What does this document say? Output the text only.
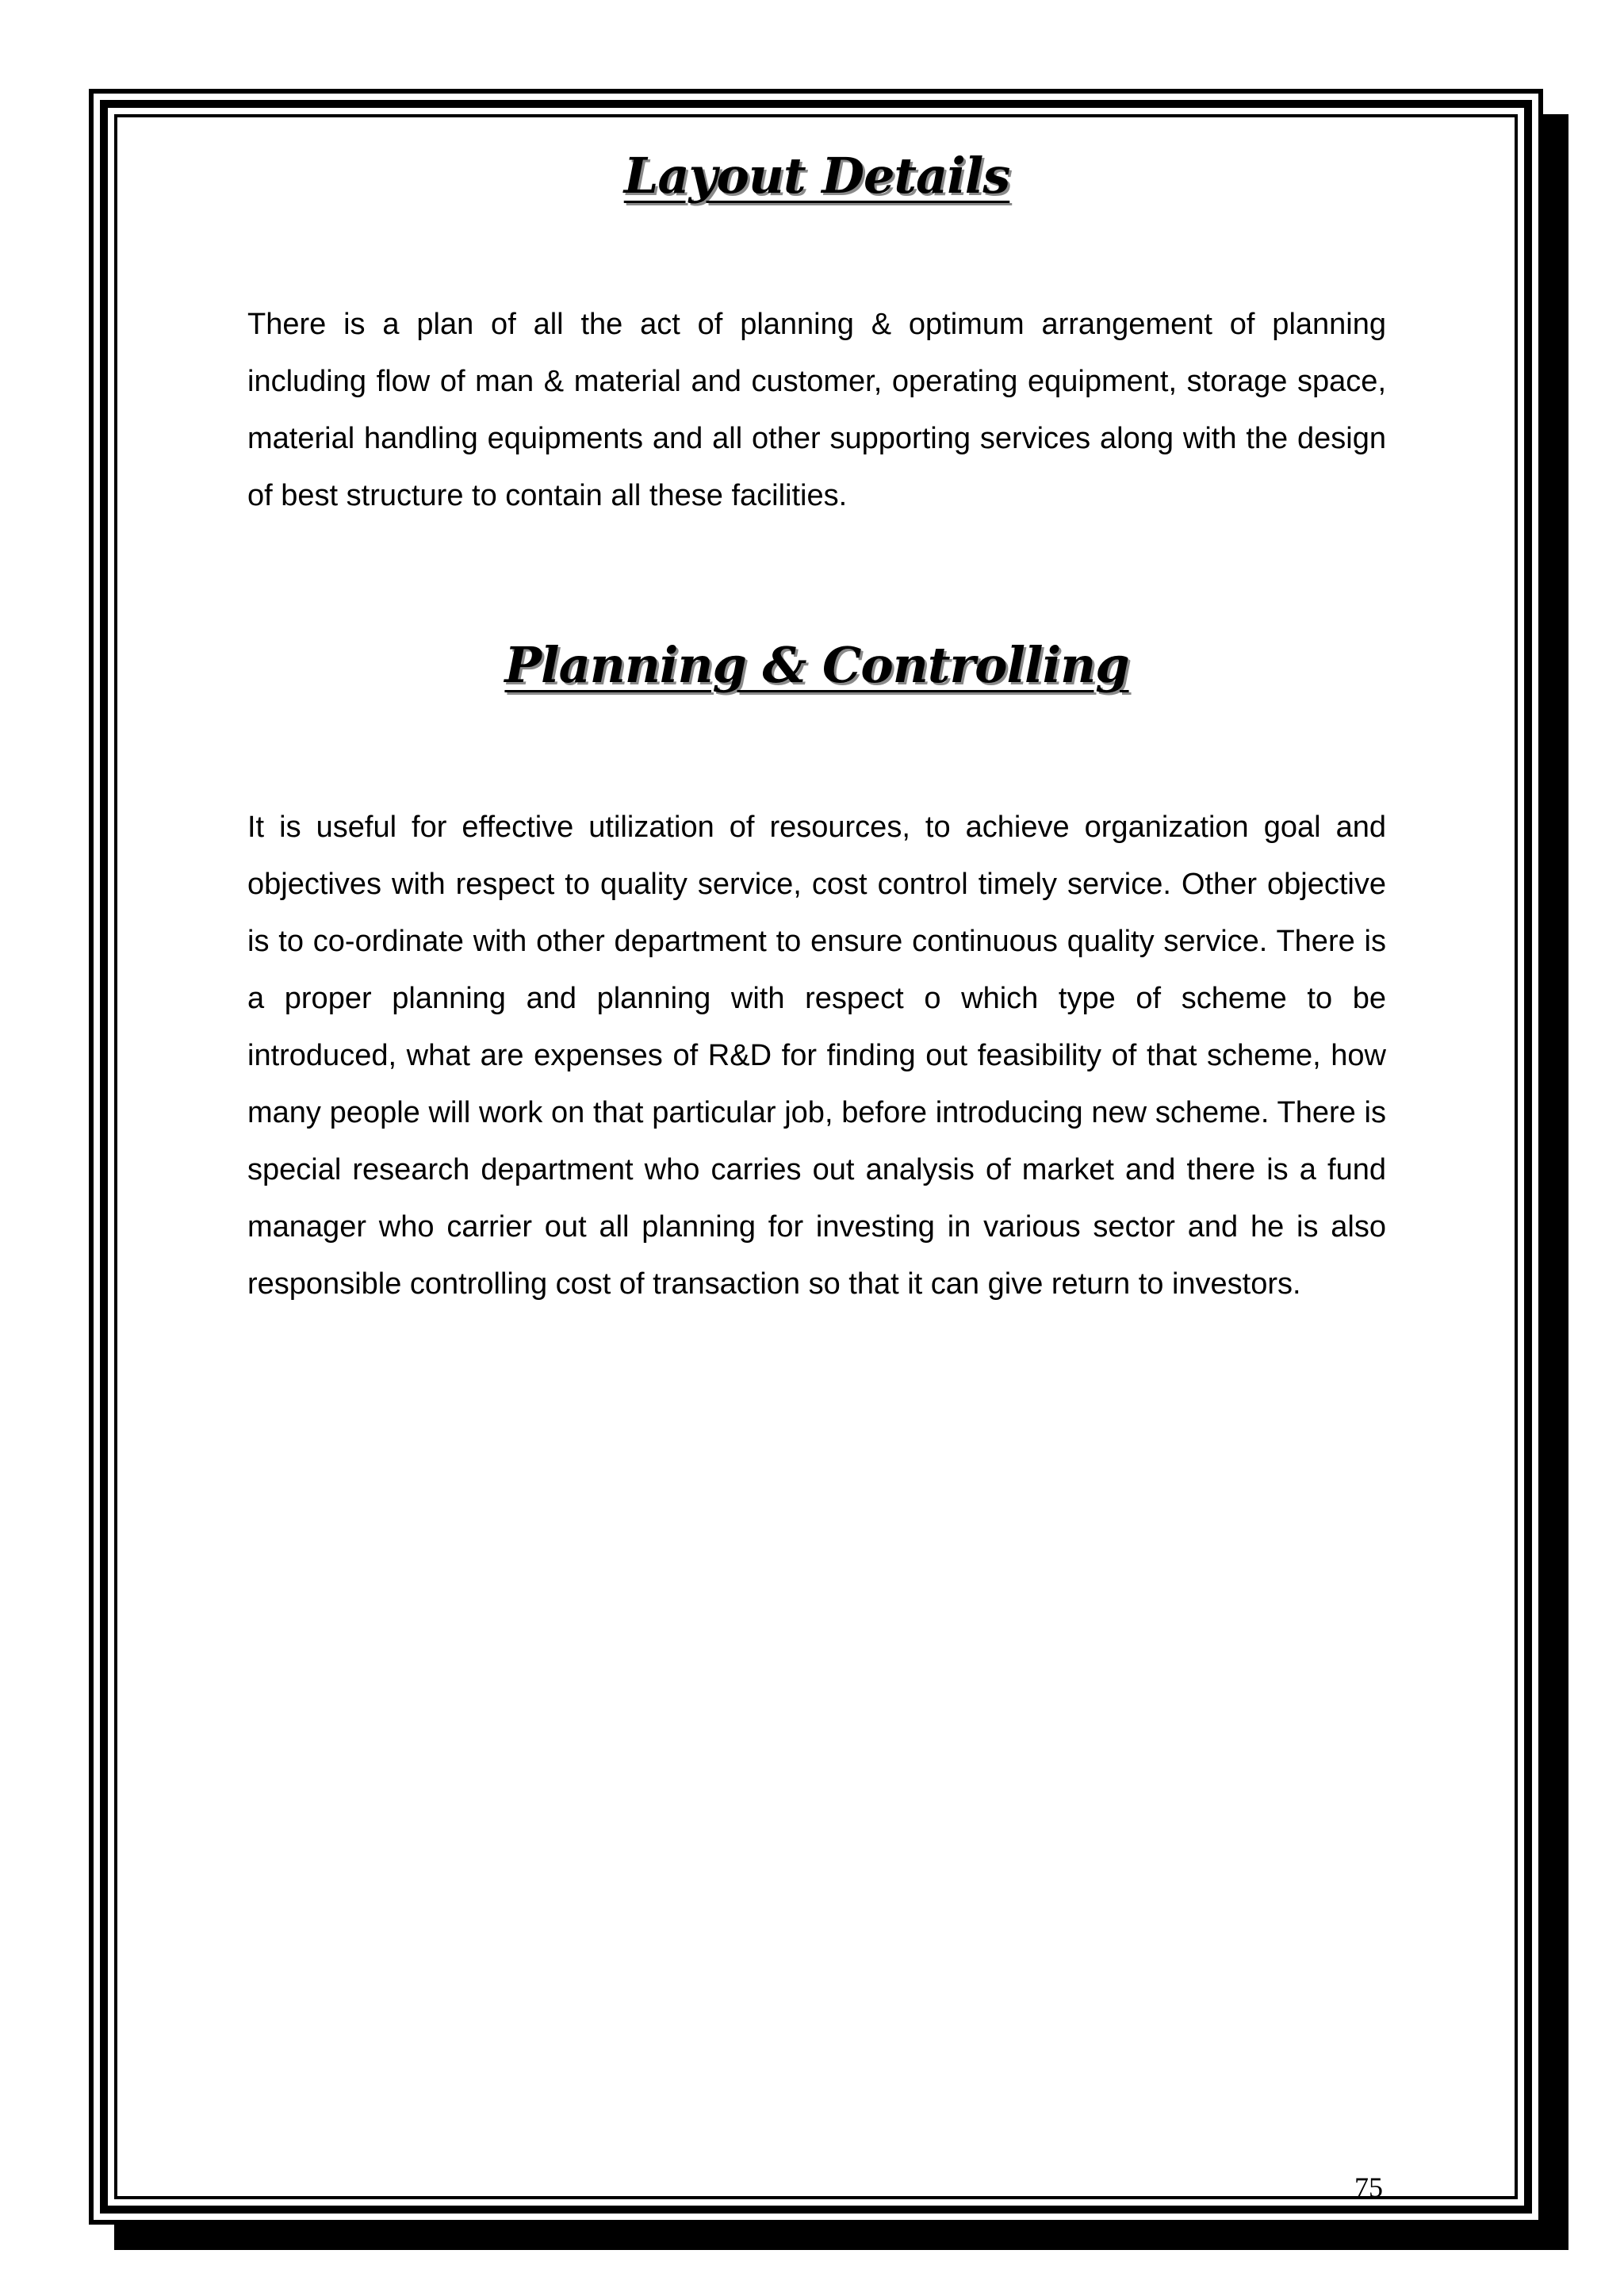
Layout Details

There is a plan of all the act of planning & optimum arrangement of planning including flow of man & material and customer, operating equipment, storage space, material handling equipments and all other supporting services along with the design of best structure to contain all these facilities.

Planning & Controlling

It is useful for effective utilization of resources, to achieve organization goal and objectives with respect to quality service, cost control timely service. Other objective is to co-ordinate with other department to ensure continuous quality service. There is a proper planning and planning with respect o which type of scheme to be introduced, what are expenses of R&D for finding out feasibility of that scheme, how many people will work on that particular job, before introducing new scheme. There is special research department who carries out analysis of market and there is a fund manager who carrier out all planning for investing in various sector and he is also responsible controlling cost of transaction so that it can give return to investors.

75
